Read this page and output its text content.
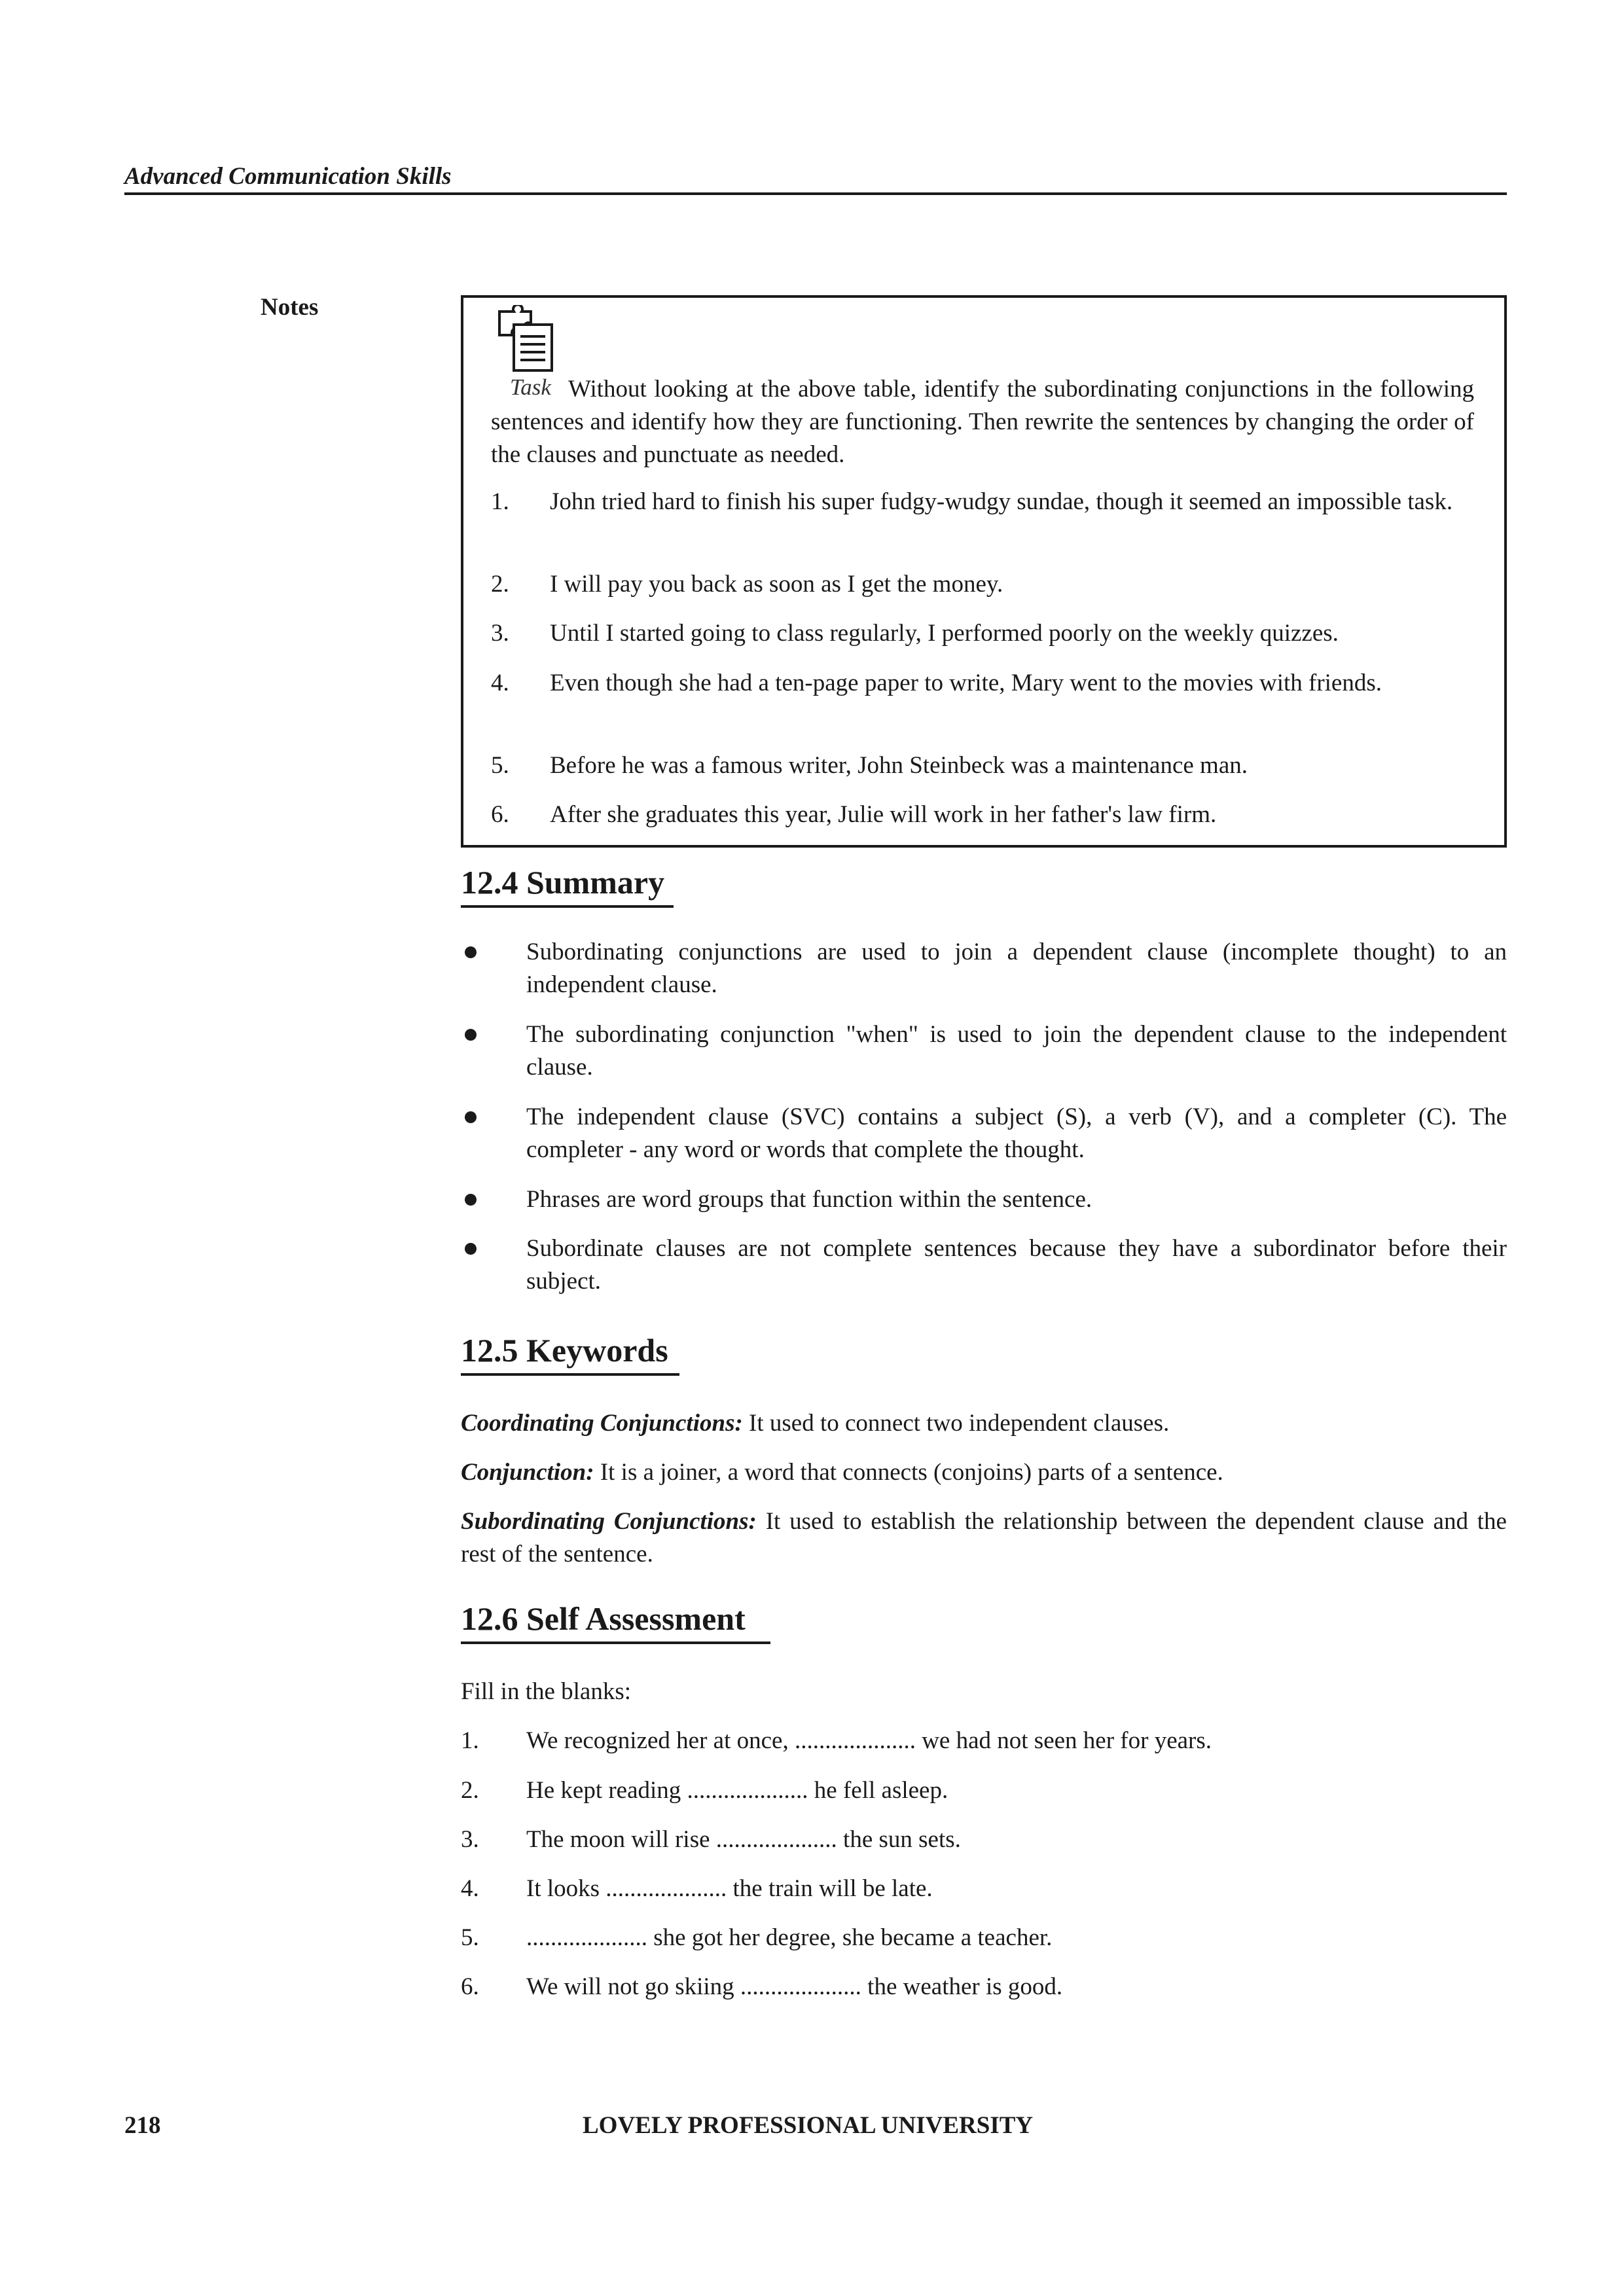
Advanced Communication Skills
Notes
Task Without looking at the above table, identify the subordinating conjunctions in the following sentences and identify how they are functioning. Then rewrite the sentences by changing the order of the clauses and punctuate as needed.
1. John tried hard to finish his super fudgy-wudgy sundae, though it seemed an impossible task.
2. I will pay you back as soon as I get the money.
3. Until I started going to class regularly, I performed poorly on the weekly quizzes.
4. Even though she had a ten-page paper to write, Mary went to the movies with friends.
5. Before he was a famous writer, John Steinbeck was a maintenance man.
6. After she graduates this year, Julie will work in her father's law firm.
12.4 Summary
Subordinating conjunctions are used to join a dependent clause (incomplete thought) to an independent clause.
The subordinating conjunction "when" is used to join the dependent clause to the independent clause.
The independent clause (SVC) contains a subject (S), a verb (V), and a completer (C). The completer - any word or words that complete the thought.
Phrases are word groups that function within the sentence.
Subordinate clauses are not complete sentences because they have a subordinator before their subject.
12.5 Keywords
Coordinating Conjunctions: It used to connect two independent clauses.
Conjunction: It is a joiner, a word that connects (conjoins) parts of a sentence.
Subordinating Conjunctions: It used to establish the relationship between the dependent clause and the rest of the sentence.
12.6 Self Assessment
Fill in the blanks:
1. We recognized her at once, .................... we had not seen her for years.
2. He kept reading .................... he fell asleep.
3. The moon will rise .................... the sun sets.
4. It looks .................... the train will be late.
5. .................... she got her degree, she became a teacher.
6. We will not go skiing .................... the weather is good.
218	LOVELY PROFESSIONAL UNIVERSITY
